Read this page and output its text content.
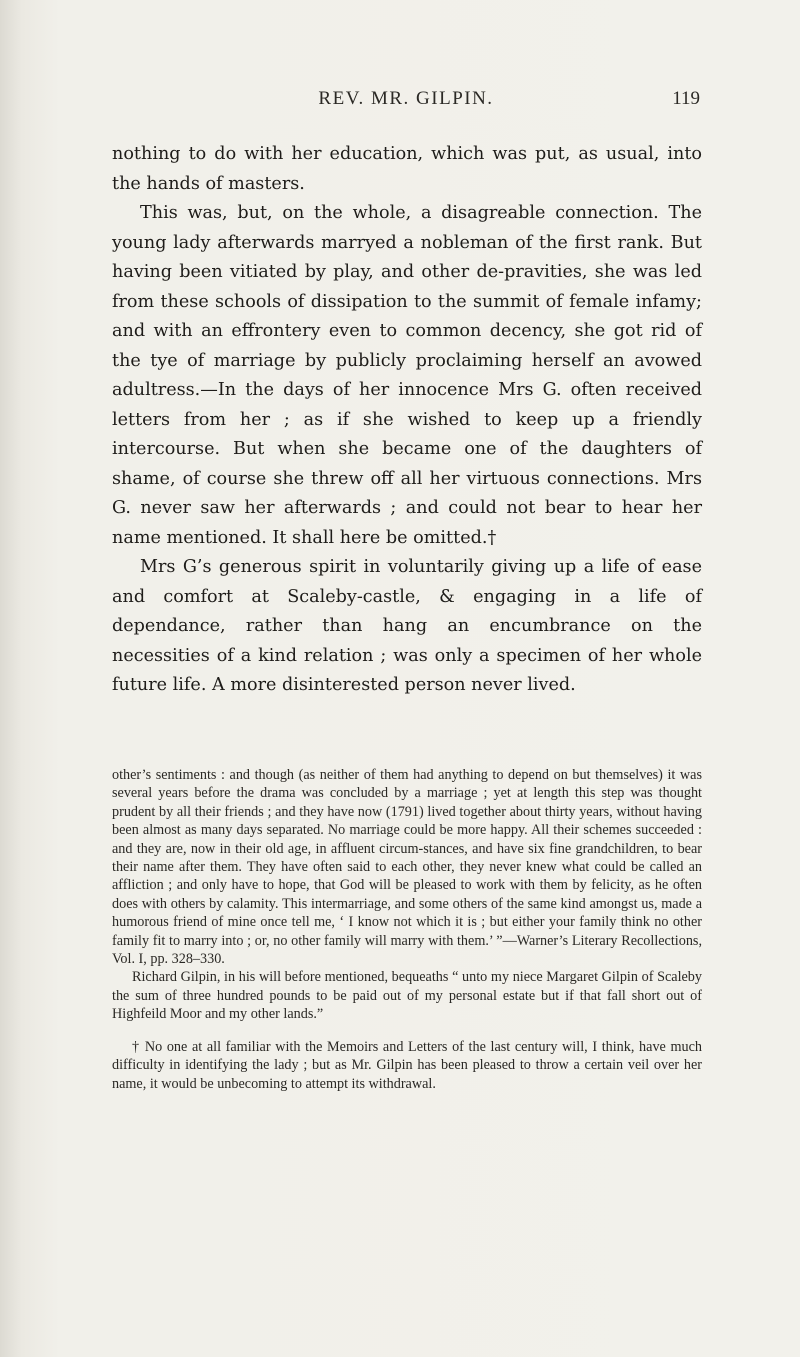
REV. MR. GILPIN.	119

nothing to do with her education, which was put, as usual, into the hands of masters.

This was, but, on the whole, a disagreable connection. The young lady afterwards marryed a nobleman of the first rank. But having been vitiated by play, and other de-pravities, she was led from these schools of dissipation to the summit of female infamy; and with an effrontery even to common decency, she got rid of the tye of marriage by publicly proclaiming herself an avowed adultress.—In the days of her innocence Mrs G. often received letters from her ; as if she wished to keep up a friendly intercourse. But when she became one of the daughters of shame, of course she threw off all her virtuous connections. Mrs G. never saw her afterwards ; and could not bear to hear her name mentioned. It shall here be omitted.†

Mrs G’s generous spirit in voluntarily giving up a life of ease and comfort at Scaleby-castle, & engaging in a life of dependance, rather than hang an encumbrance on the necessities of a kind relation ; was only a specimen of her whole future life. A more disinterested person never lived.

other’s sentiments : and though (as neither of them had anything to depend on but themselves) it was several years before the drama was concluded by a marriage ; yet at length this step was thought prudent by all their friends ; and they have now (1791) lived together about thirty years, without having been almost as many days separated. No marriage could be more happy. All their schemes succeeded : and they are, now in their old age, in affluent circum-stances, and have six fine grandchildren, to bear their name after them. They have often said to each other, they never knew what could be called an affliction ; and only have to hope, that God will be pleased to work with them by felicity, as he often does with others by calamity. This intermarriage, and some others of the same kind amongst us, made a humorous friend of mine once tell me, ‘ I know not which it is ; but either your family think no other family fit to marry into ; or, no other family will marry with them.’ ”—Warner’s Literary Recollections, Vol. I, pp. 328–330.

Richard Gilpin, in his will before mentioned, bequeaths “ unto my niece Margaret Gilpin of Scaleby the sum of three hundred pounds to be paid out of my personal estate but if that fall short out of Highfeild Moor and my other lands.”

† No one at all familiar with the Memoirs and Letters of the last century will, I think, have much difficulty in identifying the lady ; but as Mr. Gilpin has been pleased to throw a certain veil over her name, it would be unbecoming to attempt its withdrawal.
